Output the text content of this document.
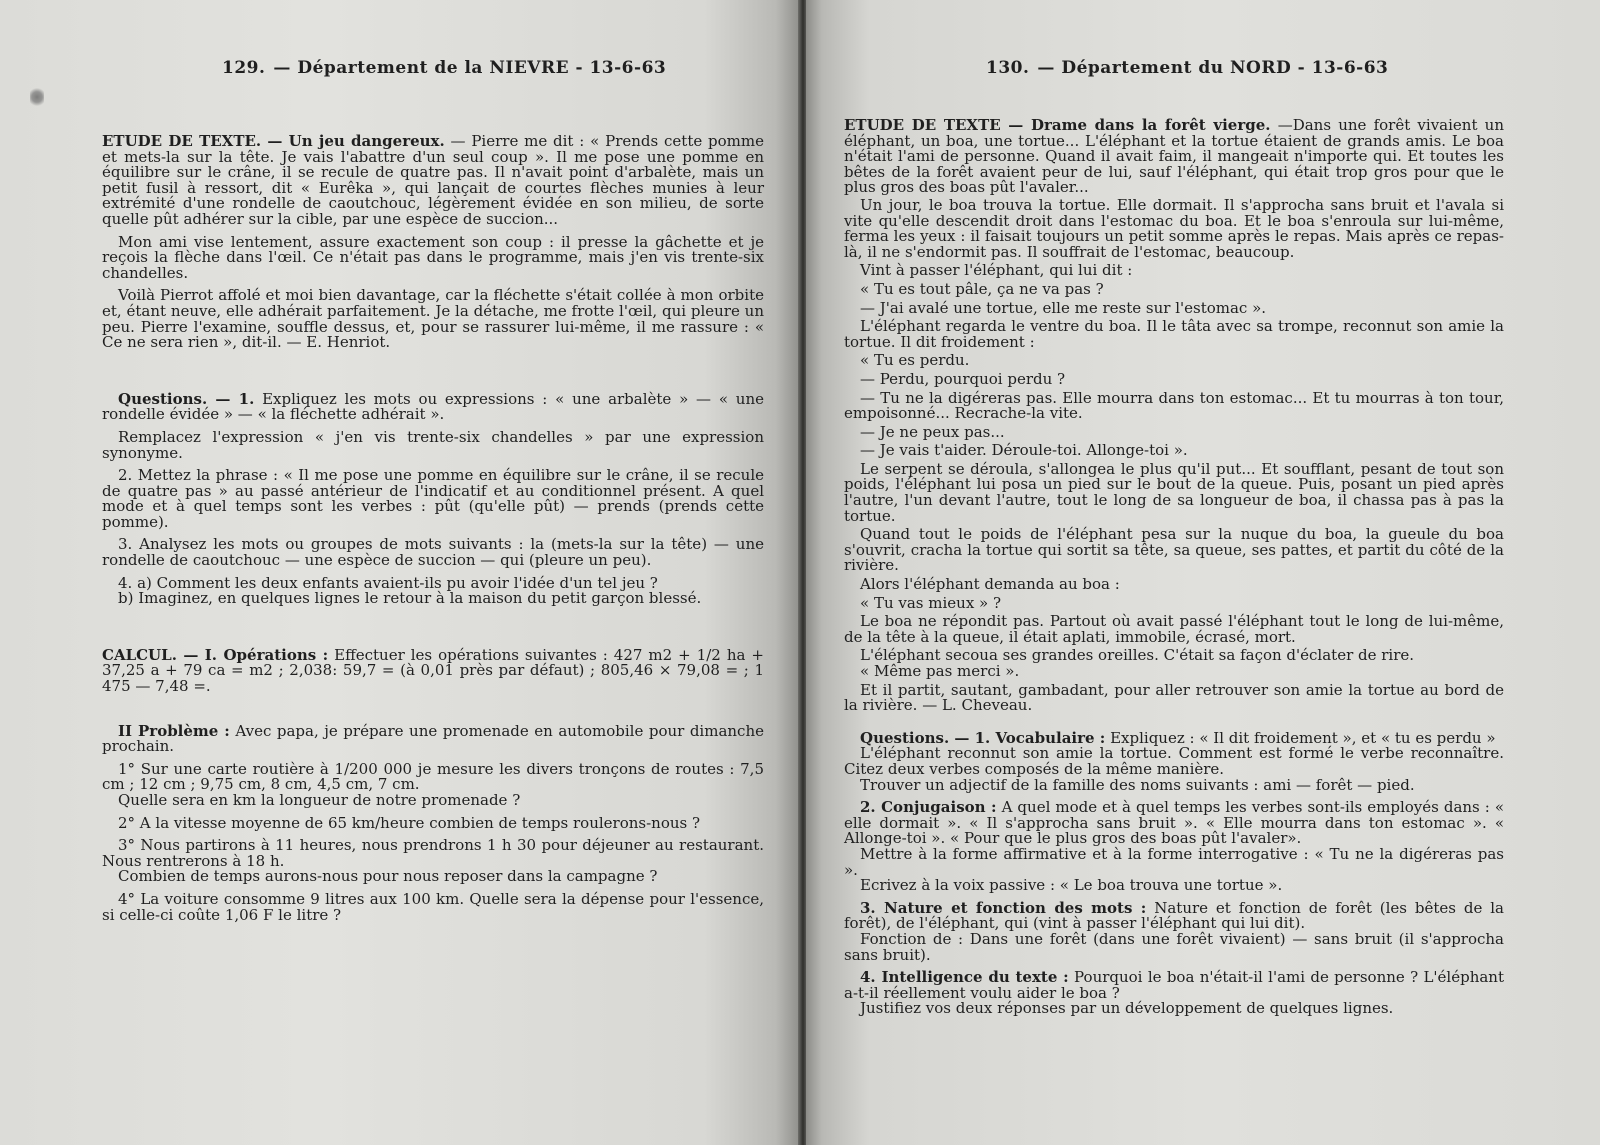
129. — Département de la NIEVRE - 13-6-63

ETUDE DE TEXTE. — Un jeu dangereux. — Pierre me dit : « Prends cette pomme et mets-la sur la tête. Je vais l'abattre d'un seul coup ». Il me pose une pomme en équilibre sur le crâne, il se recule de quatre pas. Il n'avait point d'arbalète, mais un petit fusil à ressort, dit « Eurêka », qui lançait de courtes flèches munies à leur extrémité d'une rondelle de caoutchouc, légèrement évidée en son milieu, de sorte quelle pût adhérer sur la cible, par une espèce de succion...

Mon ami vise lentement, assure exactement son coup : il presse la gâchette et je reçois la flèche dans l'œil. Ce n'était pas dans le programme, mais j'en vis trente-six chandelles.

Voilà Pierrot affolé et moi bien davantage, car la fléchette s'était collée à mon orbite et, étant neuve, elle adhérait parfaitement. Je la détache, me frotte l'œil, qui pleure un peu. Pierre l'examine, souffle dessus, et, pour se rassurer lui-même, il me rassure : « Ce ne sera rien », dit-il. — E. Henriot.

Questions. — 1. Expliquez les mots ou expressions : « une arbalète » — « une rondelle évidée » — « la fléchette adhérait ».

Remplacez l'expression « j'en vis trente-six chandelles » par une expression synonyme.

2. Mettez la phrase : « Il me pose une pomme en équilibre sur le crâne, il se recule de quatre pas » au passé antérieur de l'indicatif et au conditionnel présent. A quel mode et à quel temps sont les verbes : pût (qu'elle pût) — prends (prends cette pomme).

3. Analysez les mots ou groupes de mots suivants : la (mets-la sur la tête) — une rondelle de caoutchouc — une espèce de succion — qui (pleure un peu).

4. a) Comment les deux enfants avaient-ils pu avoir l'idée d'un tel jeu ?

b) Imaginez, en quelques lignes le retour à la maison du petit garçon blessé.

CALCUL. — I. Opérations : Effectuer les opérations suivantes : 427 m2 + 1/2 ha + 37,25 a + 79 ca = m2 ; 2,038: 59,7 = (à 0,01 près par défaut) ; 805,46 × 79,08 = ; 1 475 — 7,48 =.

II Problème : Avec papa, je prépare une promenade en automobile pour dimanche prochain.

1° Sur une carte routière à 1/200 000 je mesure les divers tronçons de routes : 7,5 cm ; 12 cm ; 9,75 cm, 8 cm, 4,5 cm, 7 cm.

Quelle sera en km la longueur de notre promenade ?

2° A la vitesse moyenne de 65 km/heure combien de temps roulerons-nous ?

3° Nous partirons à 11 heures, nous prendrons 1 h 30 pour déjeuner au restaurant. Nous rentrerons à 18 h.

Combien de temps aurons-nous pour nous reposer dans la campagne ?

4° La voiture consomme 9 litres aux 100 km. Quelle sera la dépense pour l'essence, si celle-ci coûte 1,06 F le litre ?

130. — Département du NORD - 13-6-63

ETUDE DE TEXTE — Drame dans la forêt vierge. —Dans une forêt vivaient un éléphant, un boa, une tortue... L'éléphant et la tortue étaient de grands amis. Le boa n'était l'ami de personne. Quand il avait faim, il mangeait n'importe qui. Et toutes les bêtes de la forêt avaient peur de lui, sauf l'éléphant, qui était trop gros pour que le plus gros des boas pût l'avaler...

Un jour, le boa trouva la tortue. Elle dormait. Il s'approcha sans bruit et l'avala si vite qu'elle descendit droit dans l'estomac du boa. Et le boa s'enroula sur lui-même, ferma les yeux : il faisait toujours un petit somme après le repas. Mais après ce repas-là, il ne s'endormit pas. Il souffrait de l'estomac, beaucoup.

Vint à passer l'éléphant, qui lui dit :

« Tu es tout pâle, ça ne va pas ?

— J'ai avalé une tortue, elle me reste sur l'estomac ».

L'éléphant regarda le ventre du boa. Il le tâta avec sa trompe, reconnut son amie la tortue. Il dit froidement :

« Tu es perdu.

— Perdu, pourquoi perdu ?

— Tu ne la digéreras pas. Elle mourra dans ton estomac... Et tu mourras à ton tour, empoisonné... Recrache-la vite.

— Je ne peux pas...

— Je vais t'aider. Déroule-toi. Allonge-toi ».

Le serpent se déroula, s'allongea le plus qu'il put... Et soufflant, pesant de tout son poids, l'éléphant lui posa un pied sur le bout de la queue. Puis, posant un pied après l'autre, l'un devant l'autre, tout le long de sa longueur de boa, il chassa pas à pas la tortue.

Quand tout le poids de l'éléphant pesa sur la nuque du boa, la gueule du boa s'ouvrit, cracha la tortue qui sortit sa tête, sa queue, ses pattes, et partit du côté de la rivière.

Alors l'éléphant demanda au boa :

« Tu vas mieux » ?

Le boa ne répondit pas. Partout où avait passé l'éléphant tout le long de lui-même, de la tête à la queue, il était aplati, immobile, écrasé, mort.

L'éléphant secoua ses grandes oreilles. C'était sa façon d'éclater de rire.

« Même pas merci ».

Et il partit, sautant, gambadant, pour aller retrouver son amie la tortue au bord de la rivière. — L. Cheveau.

Questions. — 1. Vocabulaire : Expliquez : « Il dit froidement », et « tu es perdu »

L'éléphant reconnut son amie la tortue. Comment est formé le verbe reconnaître. Citez deux verbes composés de la même manière.

Trouver un adjectif de la famille des noms suivants : ami — forêt — pied.

2. Conjugaison : A quel mode et à quel temps les verbes sont-ils employés dans : « elle dormait ». « Il s'approcha sans bruit ». « Elle mourra dans ton estomac ». « Allonge-toi ». « Pour que le plus gros des boas pût l'avaler».

Mettre à la forme affirmative et à la forme interrogative : « Tu ne la digéreras pas ».

Ecrivez à la voix passive : « Le boa trouva une tortue ».

3. Nature et fonction des mots : Nature et fonction de forêt (les bêtes de la forêt), de l'éléphant, qui (vint à passer l'éléphant qui lui dit).

Fonction de : Dans une forêt (dans une forêt vivaient) — sans bruit (il s'approcha sans bruit).

4. Intelligence du texte : Pourquoi le boa n'était-il l'ami de personne ? L'éléphant a-t-il réellement voulu aider le boa ?

Justifiez vos deux réponses par un développement de quelques lignes.
